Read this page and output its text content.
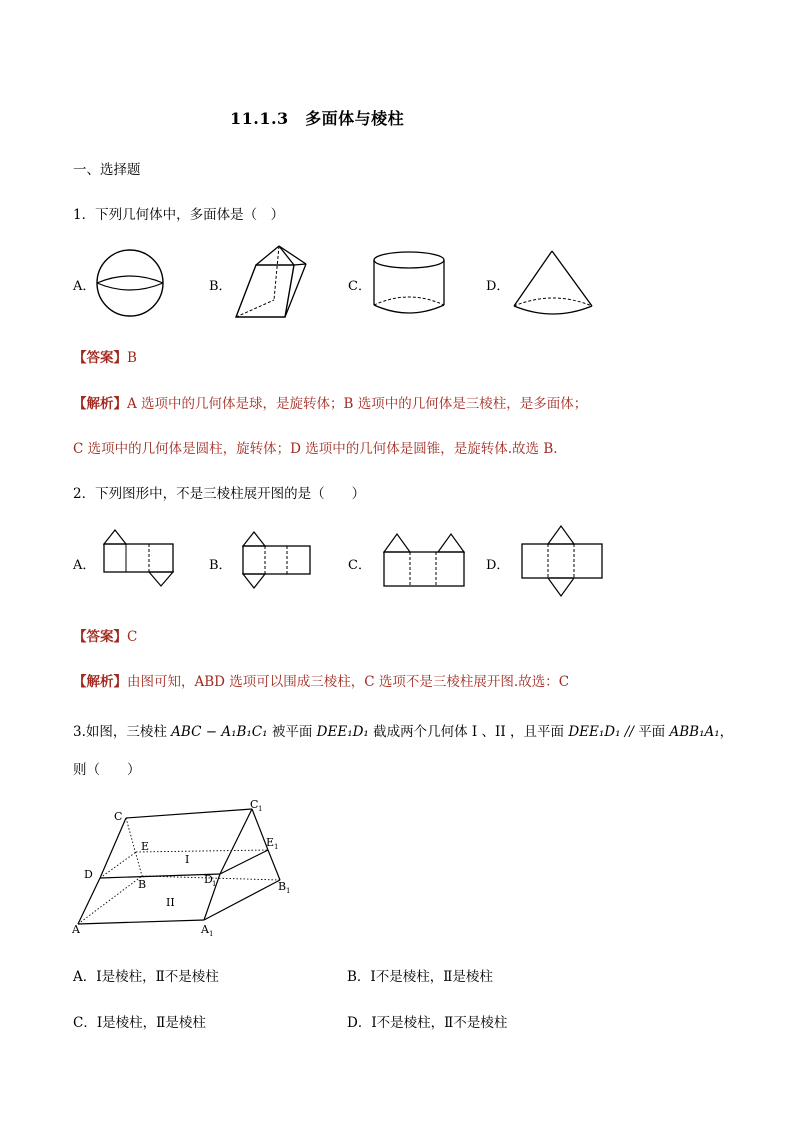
11.1.3　多面体与棱柱
一、选择题
1．下列几何体中，多面体是（　）
A．	B．	C．	D．
【答案】B
【解析】A 选项中的几何体是球，是旋转体；B 选项中的几何体是三棱柱，是多面体；
C 选项中的几何体是圆柱，旋转体；D 选项中的几何体是圆锥，是旋转体.故选 B.
2．下列图形中，不是三棱柱展开图的是（　　）
A．	B．	C．	D．
【答案】C
【解析】由图可知，ABD 选项可以围成三棱柱，C 选项不是三棱柱展开图.故选：C
3.如图，三棱柱 ABC − A₁B₁C₁ 被平面 DEE₁D₁ 截成两个几何体 I 、II ，且平面 DEE₁D₁ // 平面 ABB₁A₁，
则（　　）
C
C 1
E	E 1
D	D 1
B	B 1
A	A 1
I
II
A．Ⅰ是棱柱，Ⅱ不是棱柱	B．Ⅰ不是棱柱，Ⅱ是棱柱
C．Ⅰ是棱柱，Ⅱ是棱柱	D．Ⅰ不是棱柱，Ⅱ不是棱柱
